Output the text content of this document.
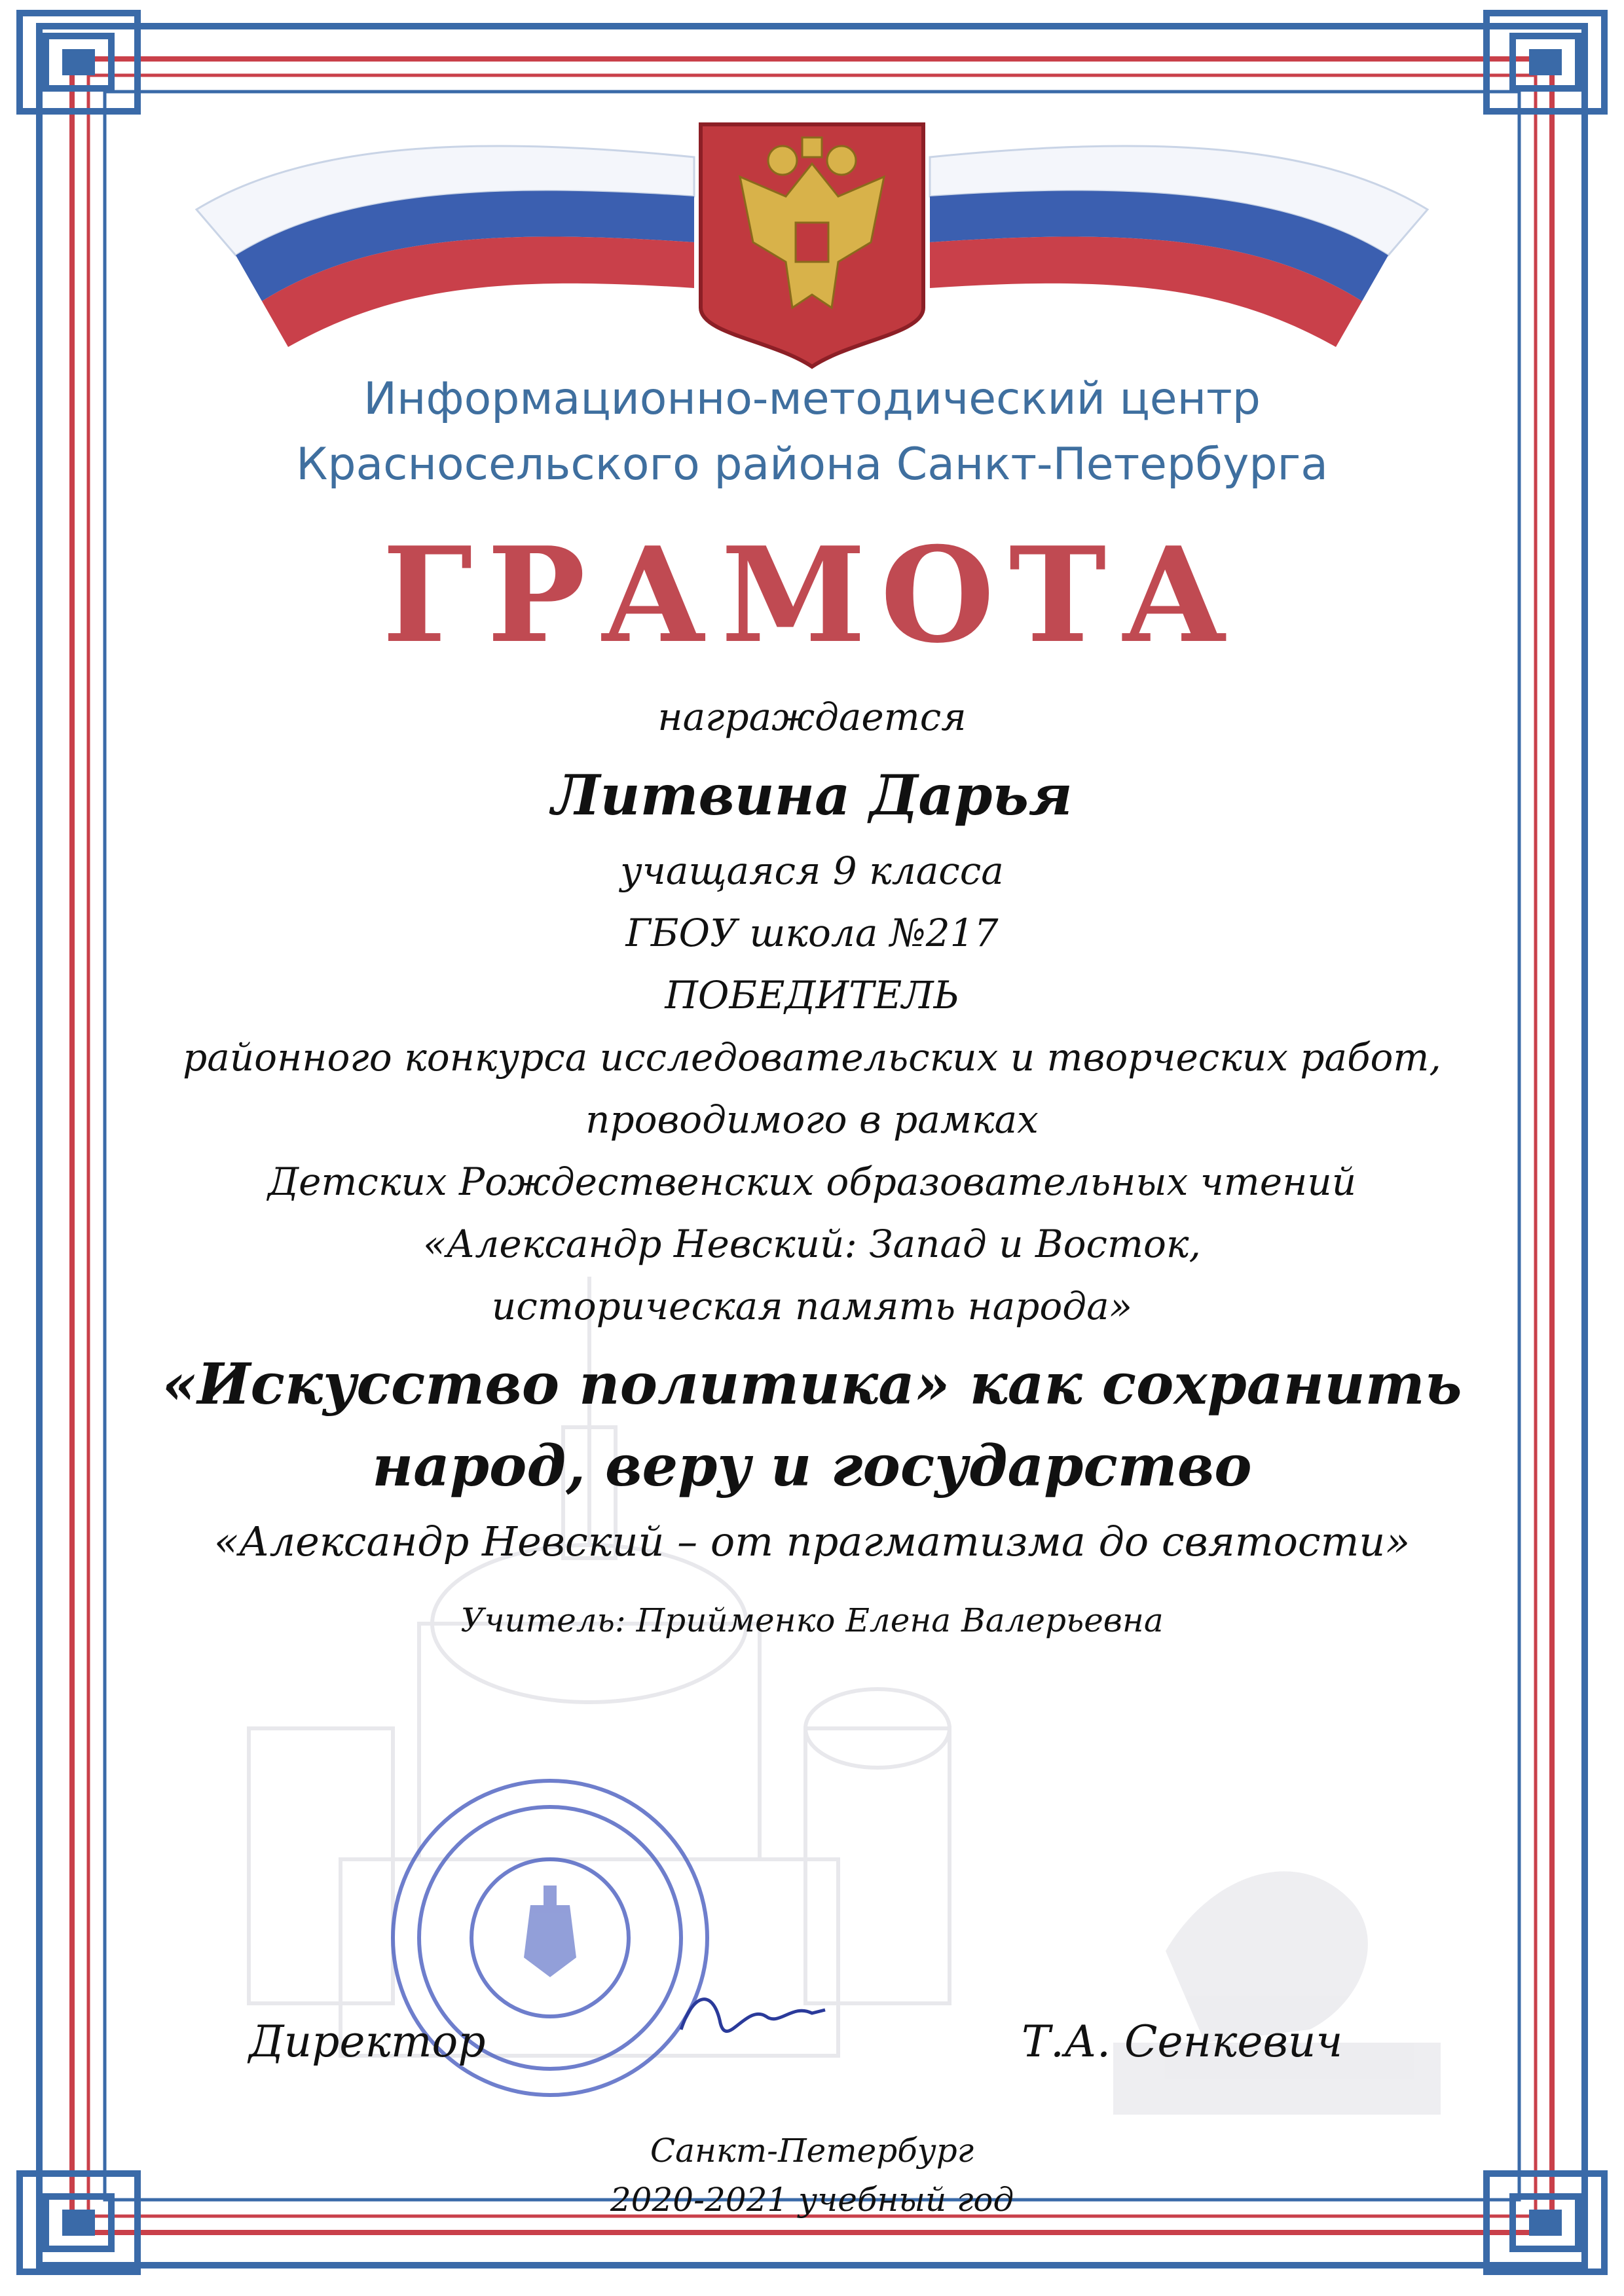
Информационно-методический центр
Красносельского района Санкт-Петербурга
ГРАМОТА
награждается
Литвина Дарья
учащаяся 9 класса
ГБОУ школа №217
ПОБЕДИТЕЛЬ
районного конкурса исследовательских и творческих работ,
проводимого в рамках
Детских Рождественских образовательных чтений
«Александр Невский: Запад и Восток,
историческая память народа»
«Искусство политика» как сохранить
народ, веру и государство
«Александр Невский – от прагматизма до святости»
Учитель: Прийменко Елена Валерьевна
Директор	Т.А. Сенкевич
Санкт-Петербург
2020-2021 учебный год
